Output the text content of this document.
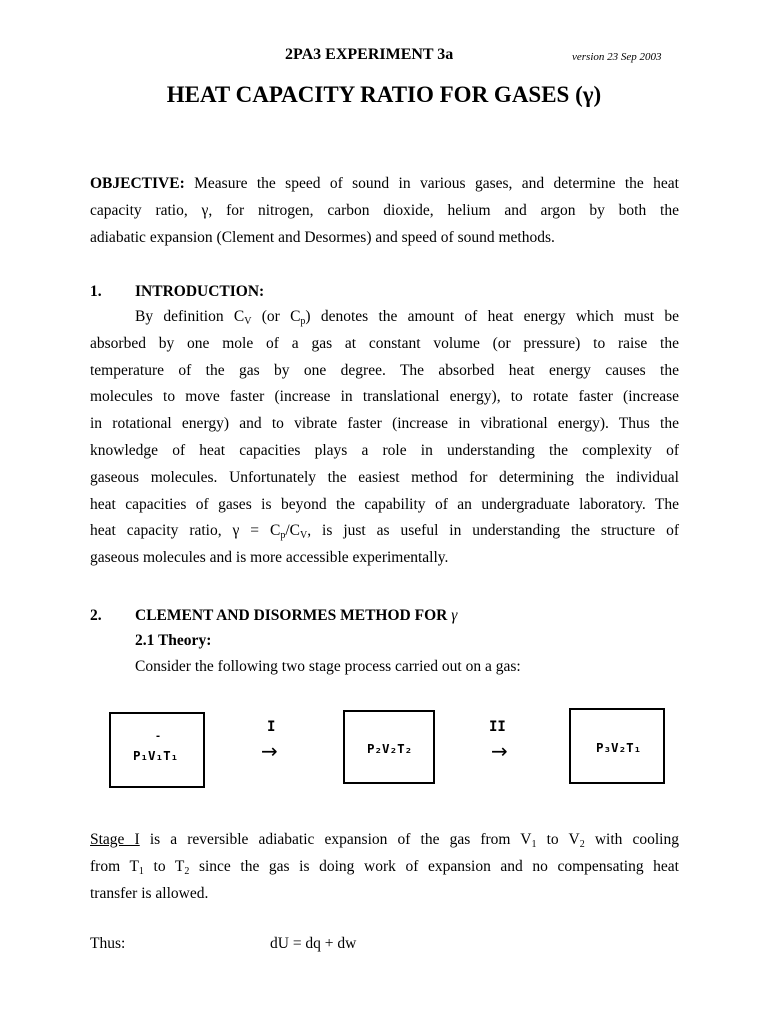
2PA3 EXPERIMENT 3a	version 23 Sep 2003
HEAT CAPACITY RATIO FOR GASES (γ)
OBJECTIVE: Measure the speed of sound in various gases, and determine the heat
capacity ratio, γ, for nitrogen, carbon dioxide, helium and argon by both the
adiabatic expansion (Clement and Desormes) and speed of sound methods.
1. INTRODUCTION:
By definition $C_V$ (or $C_p$) denotes the amount of heat energy which must be
absorbed by one mole of a gas at constant volume (or pressure) to raise the
temperature of the gas by one degree. The absorbed heat energy causes the
molecules to move faster (increase in translational energy), to rotate faster (increase
in rotational energy) and to vibrate faster (increase in vibrational energy). Thus the
knowledge of heat capacities plays a role in understanding the complexity of
gaseous molecules. Unfortunately the easiest method for determining the individual
heat capacities of gases is beyond the capability of an undergraduate laboratory. The
heat capacity ratio, $\gamma = C_p/C_V$, is just as useful in understanding the structure of
gaseous molecules and is more accessible experimentally.
2. CLEMENT AND DISORMES METHOD FOR γ
2.1 Theory:
Consider the following two stage process carried out on a gas:
-
P₁V₁T₁
I
→	P₂V₂T₂
II
→	P₃V₂T₁
Stage I is a reversible adiabatic expansion of the gas from $V_1$ to $V_2$ with cooling
from $T_1$ to $T_2$ since the gas is doing work of expansion and no compensating heat
transfer is allowed.
Thus:	dU = dq + dw
